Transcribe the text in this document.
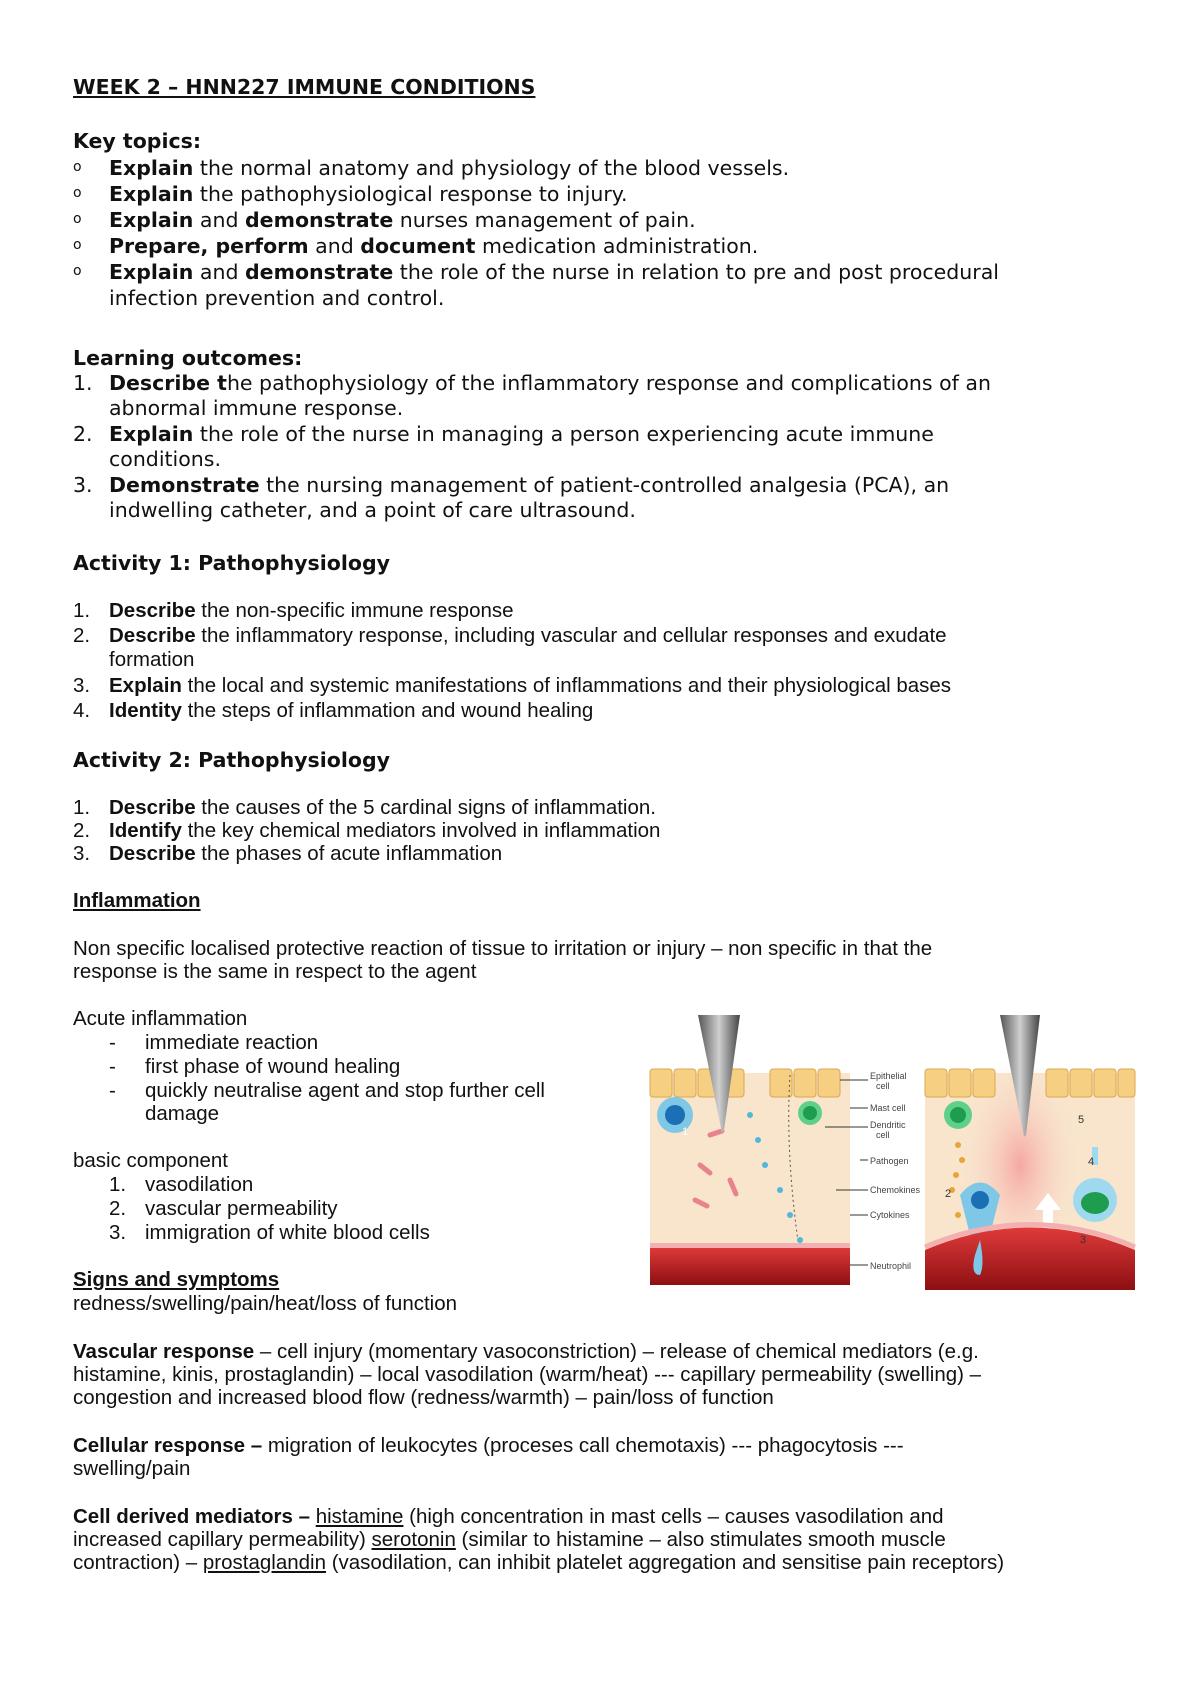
WEEK 2 – HNN227 IMMUNE CONDITIONS
Key topics:
o Explain the normal anatomy and physiology of the blood vessels.
o Explain the pathophysiological response to injury.
o Explain and demonstrate nurses management of pain.
o Prepare, perform and document medication administration.
o Explain and demonstrate the role of the nurse in relation to pre and post procedural
infection prevention and control.
Learning outcomes:
1. Describe the pathophysiology of the inflammatory response and complications of an
abnormal immune response.
2. Explain the role of the nurse in managing a person experiencing acute immune
conditions.
3. Demonstrate the nursing management of patient-controlled analgesia (PCA), an
indwelling catheter, and a point of care ultrasound.
Activity 1: Pathophysiology
1. Describe the non-specific immune response
2. Describe the inflammatory response, including vascular and cellular responses and exudate
formation
3. Explain the local and systemic manifestations of inflammations and their physiological bases
4. Identity the steps of inflammation and wound healing
Activity 2: Pathophysiology
1. Describe the causes of the 5 cardinal signs of inflammation.
2. Identify the key chemical mediators involved in inflammation
3. Describe the phases of acute inflammation
Inflammation
Non specific localised protective reaction of tissue to irritation or injury – non specific in that the
response is the same in respect to the agent
Acute inflammation
- immediate reaction
- first phase of wound healing
- quickly neutralise agent and stop further cell
damage
basic component
1. vasodilation
2. vascular permeability
3. immigration of white blood cells
Signs and symptoms
redness/swelling/pain/heat/loss of function
Vascular response – cell injury (momentary vasoconstriction) – release of chemical mediators (e.g.
histamine, kinis, prostaglandin) – local vasodilation (warm/heat) --- capillary permeability (swelling) –
congestion and increased blood flow (redness/warmth) – pain/loss of function
Cellular response – migration of leukocytes (proceses call chemotaxis) --- phagocytosis ---
swelling/pain
Cell derived mediators – histamine (high concentration in mast cells – causes vasodilation and
increased capillary permeability) serotonin (similar to histamine – also stimulates smooth muscle
contraction) – prostaglandin (vasodilation, can inhibit platelet aggregation and sensitise pain receptors)
1
2
3
4
5
Epithelial
cell
Mast cell
Dendritic
cell
Pathogen
Chemokines
Cytokines
Neutrophil
